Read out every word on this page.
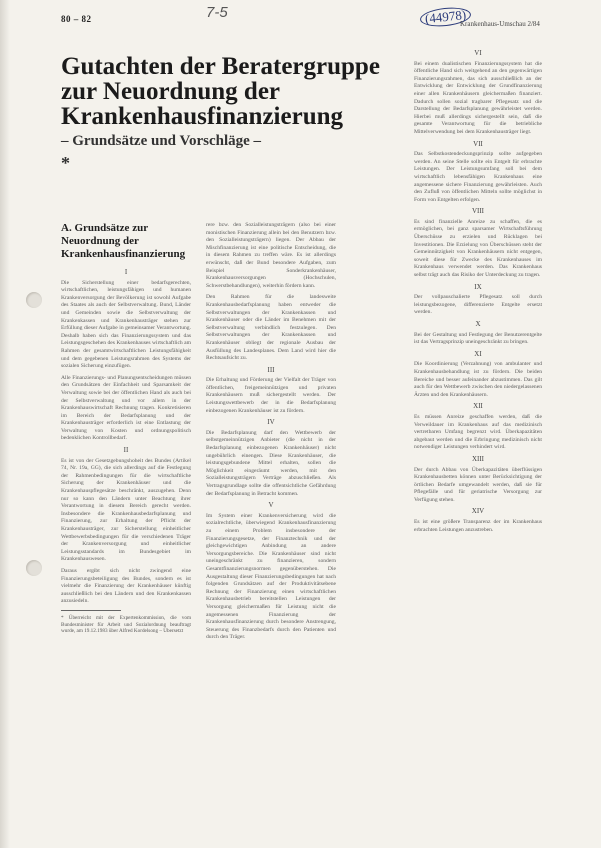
80 – 82	7-5	(44978)
Krankenhaus-Umschau 2/84
Gutachten der Beratergruppe zur Neuordnung der Krankenhausfinanzierung
– Grundsätze und Vorschläge –
*
A. Grundsätze zur Neuordnung der Krankenhausfinanzierung
I
Die Sicherstellung einer bedarfsgerechten, wirtschaftlichen, leistungsfähigen und humanen Krankenversorgung der Bevölkerung ist sowohl Aufgabe des Staates als auch der Selbstverwaltung. Bund, Länder und Gemeinden sowie die Selbstverwaltung der Krankenkassen und Krankenhausträger stehen zur Erfüllung dieser Aufgabe in gemeinsamer Verantwortung. Deshalb haben sich das Finanzierungssystem und das Leistungsgeschehen des Krankenhauses wirtschaftlich am Rahmen der gesamtwirtschaftlichen Leistungsfähigkeit und dem gegebenen Leistungsrahmen des Systems der sozialen Sicherung einzufügen.
Alle Finanzierungs- und Planungsentscheidungen müssen den Grundsätzen der Einfachheit und Sparsamkeit der Verwaltung sowie bei der öffentlichen Hand als auch bei der Selbstverwaltung und vor allem in der Krankenhauswirtschaft Rechnung tragen. Konkretisieren im Bereich der Bedarfsplanung und der Krankenhausträger erforderlich ist eine Entlastung der Verwaltung von Kosten und ordnungspolitisch bedenklichen Kontrollbedarf.
II
Es ist von der Gesetzgebungshoheit des Bundes (Artikel 74, Nr. 19a, GG), die sich allerdings auf die Festlegung der Rahmenbedingungen für die wirtschaftliche Sicherung der Krankenhäuser und die Krankenhauspflegesätze beschränkt, auszugehen. Denn nur so kann den Ländern unter Beachtung ihrer Verantwortung in diesem Bereich gerecht werden. Insbesondere die Krankenhausbedarfsplanung und Finanzierung, zur Erhaltung der Pflicht der Krankenhausträger, zur Sicherstellung einheitlicher Wettbewerbsbedingungen für die verschiedenen Träger der Krankenversorgung und einheitlicher Leistungsstandards im Bundesgebiet im Krankenhauswesen.
Daraus ergibt sich nicht zwingend eine Finanzierungsbeteiligung des Bundes, sondern es ist vielmehr die Finanzierung der Krankenhäuser künftig ausschließlich bei den Ländern und den Krankenkassen anzusiedeln.
* Überreicht mit der Expertenkommission, die vom Bundesminister für Arbeit und Sozialordnung beauftragt wurde, am 19.12.1983 über Alfred Kordelsong – Übersetzt
rere bzw. den Sozialleistungsträgern (also bei einer monistischen Finanzierung allein bei den Benutzern bzw. den Sozialleistungsträgern) liegen. Der Abbau der Mischfinanzierung ist eine politische Entscheidung, die in diesem Rahmen zu treffen wäre. Es ist allerdings erwünscht, daß der Bund besondere Aufgaben, zum Beispiel Sonderkrankenhäuser, Krankenhausversorgungen (Hochschulen, Schwerstbehandlungen), weiterhin fördern kann.
Den Rahmen für die landesweite Krankenhausbedarfsplanung haben entweder die Selbstverwaltungen der Krankenkassen und Krankenhäuser oder die Länder im Benehmen mit der Selbstverwaltung verbindlich festzulegen. Den Selbstverwaltungen der Krankenkassen und Krankenhäuser obliegt der regionale Ausbau der Ausfüllung des Landesplanes. Dem Land wird hier die Rechtsaufsicht zu.
III
Die Erhaltung und Förderung der Vielfalt der Träger von öffentlichen, freigemeinnützigen und privaten Krankenhäusern muß sichergestellt werden. Der Leistungswettbewerb der in die Bedarfsplanung einbezogenen Krankenhäuser ist zu fördern.
IV
Die Bedarfsplanung darf den Wettbewerb der selbstgemeinnützigen Anbieter (die nicht in der Bedarfsplanung einbezogenen Krankenhäuser) nicht ungebührlich einengen. Diese Krankenhäuser, die leistungsgebundene Mittel erhalten, sollen die Möglichkeit eingeräumt werden, mit den Sozialleistungsträgern Verträge abzuschließen. Als Vertragsgrundlage sollte die offentsichtliche Gefährdung der Bedarfsplanung in Betracht kommen.
V
Im System einer Krankenversicherung wird die sozialrechtliche, überwiegend Krankenhausfinanzierung zu einem Problem insbesondere der Finanzierungsgesetze, der Finanztechnik und der gleichgewichtigen Anbindung an andere Versorgungsbereiche. Die Krankenhäuser sind nicht uneingeschränkt zu finanzieren, sondern Gesamtfinanzierungsnormen gegenüberstehen. Die Ausgestaltung dieser Finanzierungsbedingungen hat nach folgenden Grundsätzen auf der Produktivitätsebene Rechnung der Finanzierung einen wirtschaftlichen Krankenhausbetrieb bereitstellen Leistungen der Versorgung gleichermaßen für Leistung nicht die angemessenen Finanzierung der Krankenhausfinanzierung durch besondere Anstrengung, Steuerung des Finanzbedarfs durch den Patienten und durch den Träger.
VI
Bei einem dualistischen Finanzierungssystem hat die öffentliche Hand sich weitgehend an den gegenwärtigen Finanzierungsrahmen, das sich ausschließlich an der Entwicklung der Entwicklung der Grundfinanzierung einer allen Krankenhäusern gleichermaßen finanziert. Dadurch sollen sozial tragbarer Pflegesatz und die Darstellung der Bedarfsplanung gewährleistet werden. Hierbei muß allerdings sichergestellt sein, daß die gesamte Verantwortung für die betriebliche Mittelverwendung bei dem Krankenhausträger liegt.
VII
Das Selbstkostendeckungsprinzip sollte aufgegeben werden. An seine Stelle sollte ein Entgelt für erbrachte Leistungen. Der Leistungsumfang soll bei dem wirtschaftlich lebensfähigen Krankenhaus eine angemessene sichere Finanzierung gewährleisten. Auch den Zufluß von öffentlichen Mitteln sollte möglichst in Form von Entgelten erfolgen.
VIII
Es sind finanzielle Anreize zu schaffen, die es ermöglichen, bei ganz sparsamer Wirtschaftsführung Überschüsse zu erzielen und Rücklagen bei Investitionen. Die Erzielung von Überschüssen steht der Gemeinnützigkeit von Krankenhäusern nicht entgegen, soweit diese für Zwecke des Krankenhauses im Krankenhaus verwendet werden. Das Krankenhaus selbst trägt auch das Risiko der Unterdeckung zu tragen.
IX
Der vollpauschalierte Pflegesatz soll durch leistungsbezogene, differenzierte Entgelte ersetzt werden.
X
Bei der Gestaltung und Festlegung der Benutzerentgelte ist das Vertragsprinzip uneingeschränkt zu bringen.
XI
Die Koordinierung (Verzahnung) von ambulanter und Krankenhausbehandlung ist zu fördern. Die beiden Bereiche und besser aufeinander abzustimmen. Das gilt auch für den Wettbewerb zwischen den niedergelassenen Ärzten und den Krankenhäusern.
XII
Es müssen Anreize geschaffen werden, daß die Verweildauer im Krankenhaus auf das medizinisch vertretbaren Umfang begrenzt wird. Überkapazitäten abgebaut werden und die Erbringung medizinisch nicht notwendiger Leistungen verhindert wird.
XIII
Der durch Abbau von Überkapazitäten überflüssigen Krankenhausbetten können unter Berücksichtigung der örtlichen Bedarfe umgewandelt werden, daß sie für Pflegefälle und für geriatrische Versorgung zur Verfügung stehen.
XIV
Es ist eine größere Transparenz der im Krankenhaus erbrachten Leistungen anzustreben.
